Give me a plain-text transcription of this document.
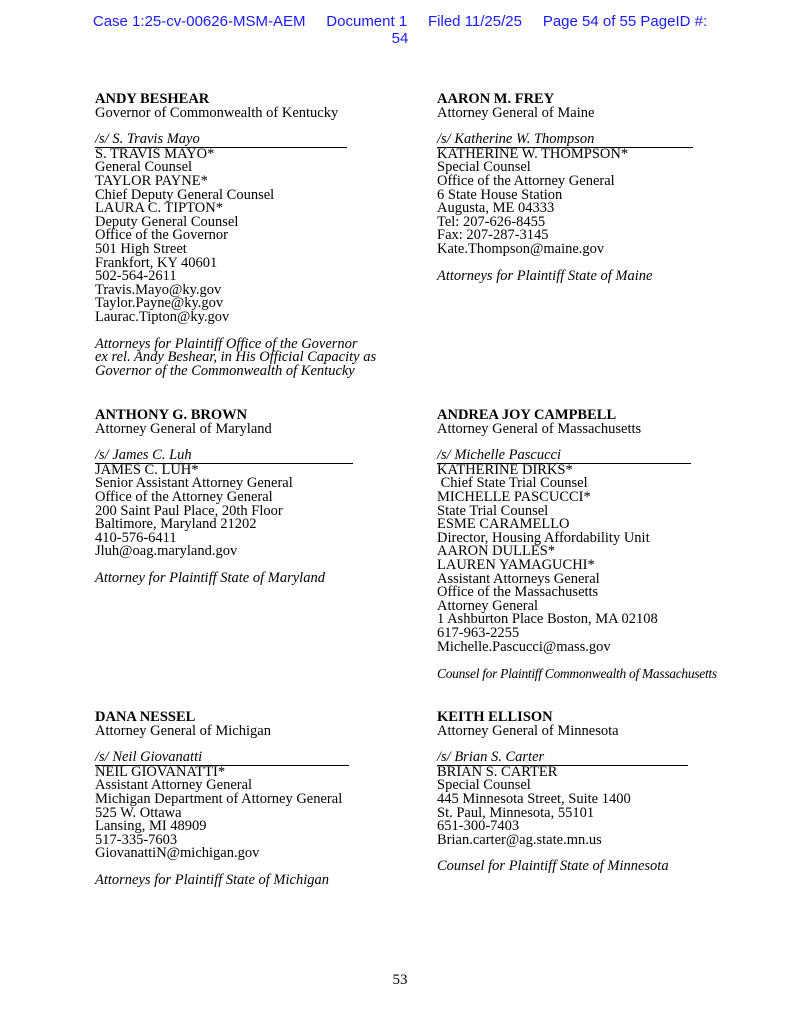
Case 1:25-cv-00626-MSM-AEM Document 1 Filed 11/25/25 Page 54 of 55 PageID #:
54
ANDY BESHEAR
Governor of Commonwealth of Kentucky
/s/ S. Travis Mayo
S. TRAVIS MAYO*
General Counsel
TAYLOR PAYNE*
Chief Deputy General Counsel
LAURA C. TIPTON*
Deputy General Counsel
Office of the Governor
501 High Street
Frankfort, KY 40601
502-564-2611
Travis.Mayo@ky.gov
Taylor.Payne@ky.gov
Laurac.Tipton@ky.gov
Attorneys for Plaintiff Office of the Governor
ex rel. Andy Beshear, in His Official Capacity as
Governor of the Commonwealth of Kentucky
AARON M. FREY
Attorney General of Maine
/s/ Katherine W. Thompson
KATHERINE W. THOMPSON*
Special Counsel
Office of the Attorney General
6 State House Station
Augusta, ME 04333
Tel: 207-626-8455
Fax: 207-287-3145
Kate.Thompson@maine.gov
Attorneys for Plaintiff State of Maine
ANTHONY G. BROWN
Attorney General of Maryland
/s/ James C. Luh
JAMES C. LUH*
Senior Assistant Attorney General
Office of the Attorney General
200 Saint Paul Place, 20th Floor
Baltimore, Maryland 21202
410-576-6411
Jluh@oag.maryland.gov
Attorney for Plaintiff State of Maryland
ANDREA JOY CAMPBELL
Attorney General of Massachusetts
/s/ Michelle Pascucci
KATHERINE DIRKS*
Chief State Trial Counsel
MICHELLE PASCUCCI*
State Trial Counsel
ESME CARAMELLO
Director, Housing Affordability Unit
AARON DULLES*
LAUREN YAMAGUCHI*
Assistant Attorneys General
Office of the Massachusetts
Attorney General
1 Ashburton Place Boston, MA 02108
617-963-2255
Michelle.Pascucci@mass.gov
Counsel for Plaintiff Commonwealth of Massachusetts
DANA NESSEL
Attorney General of Michigan
/s/ Neil Giovanatti
NEIL GIOVANATTI*
Assistant Attorney General
Michigan Department of Attorney General
525 W. Ottawa
Lansing, MI 48909
517-335-7603
GiovanattiN@michigan.gov
Attorneys for Plaintiff State of Michigan
KEITH ELLISON
Attorney General of Minnesota
/s/ Brian S. Carter
BRIAN S. CARTER
Special Counsel
445 Minnesota Street, Suite 1400
St. Paul, Minnesota, 55101
651-300-7403
Brian.carter@ag.state.mn.us
Counsel for Plaintiff State of Minnesota
53
